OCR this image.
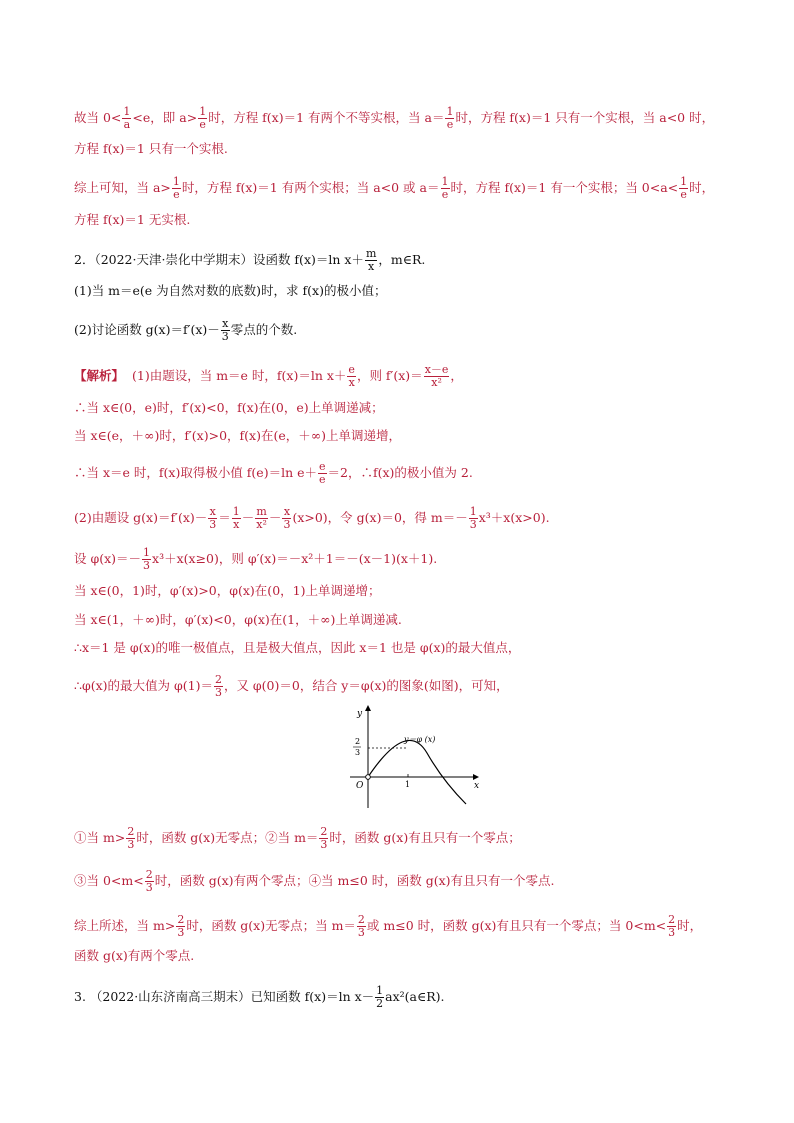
故当 $0< \frac{1}{a} <e$，即 $a> \frac{1}{e}$ 时，方程 f(x)＝1 有两个不等实根，当 $a= \frac{1}{e}$ 时，方程 f(x)＝1 只有一个实根，当 a<0 时，
方程 f(x)＝1 只有一个实根.
综上可知，当 $a> \frac{1}{e}$ 时，方程 f(x)＝1 有两个实根；当 a<0 或 $a= \frac{1}{e}$ 时，方程 f(x)＝1 有一个实根；当 $0<a< \frac{1}{e}$ 时，
方程 f(x)＝1 无实根.
2．（2022·天津·崇化中学期末）设函数 f(x)＝ln $x+ \frac{m}{x}$ ，m∈R.
(1)当 m＝e(e 为自然对数的底数)时，求 f(x)的极小值；
(2)讨论函数 $g(x)=f'(x)- \frac{x}{3}$ 零点的个数.
【解析】 (1)由题设，当 m＝e 时，f(x)＝ln $x+ \frac{e}{x}$ ，则 $f'(x)= \frac{x-e}{\text{x²}}$ ，
∴当 x∈(0，e)时，f′(x)<0，f(x)在(0，e)上单调递减；
当 x∈(e，＋∞)时，f′(x)>0，f(x)在(e，＋∞)上单调递增，
∴当 x＝e 时，f(x)取得极小值 f(e)＝ln $e+ \frac{e}{e} =2$，∴f(x)的极小值为 2.
(2)由题设 $g(x)=f'(x)- \frac{x}{3} = \frac{1}{x} - \frac{m}{\text{x²}} - \frac{x}{3} (x>0)$，令 g(x)＝0，得 $m=- \frac{1}{3} x^3+x(x>0)$.
设 $\varphi(x)=- \frac{1}{3} x^3+x(x\ge 0)$，则 φ′(x)＝－x²＋1＝－(x－1)(x＋1).
当 x∈(0，1)时，φ′(x)>0，φ(x)在(0，1)上单调递增；
当 x∈(1，＋∞)时，φ′(x)<0，φ(x)在(1，＋∞)上单调递减.
∴x＝1 是 φ(x)的唯一极值点，且是极大值点，因此 x＝1 也是 φ(x)的最大值点，
∴φ(x)的最大值为 $\varphi(1)= \frac{2}{3}$ ，又 φ(0)＝0，结合 y＝φ(x)的图象(如图)，可知，
y
x
O
2
3
1
y＝φ (x)
①当 $m> \frac{2}{3}$ 时，函数 g(x)无零点；②当 $m= \frac{2}{3}$ 时，函数 g(x)有且只有一个零点；
③当 $0<m< \frac{2}{3}$ 时，函数 g(x)有两个零点；④当 m≤0 时，函数 g(x)有且只有一个零点.
综上所述，当 $m> \frac{2}{3}$ 时，函数 g(x)无零点；当 $m= \frac{2}{3}$ 或 m≤0 时，函数 g(x)有且只有一个零点；当 $0<m< \frac{2}{3}$ 时，
函数 g(x)有两个零点.
3. （2022·山东济南高三期末）已知函数 f(x)＝ln $x- \frac{1}{2}$ ax²(a∈R).
